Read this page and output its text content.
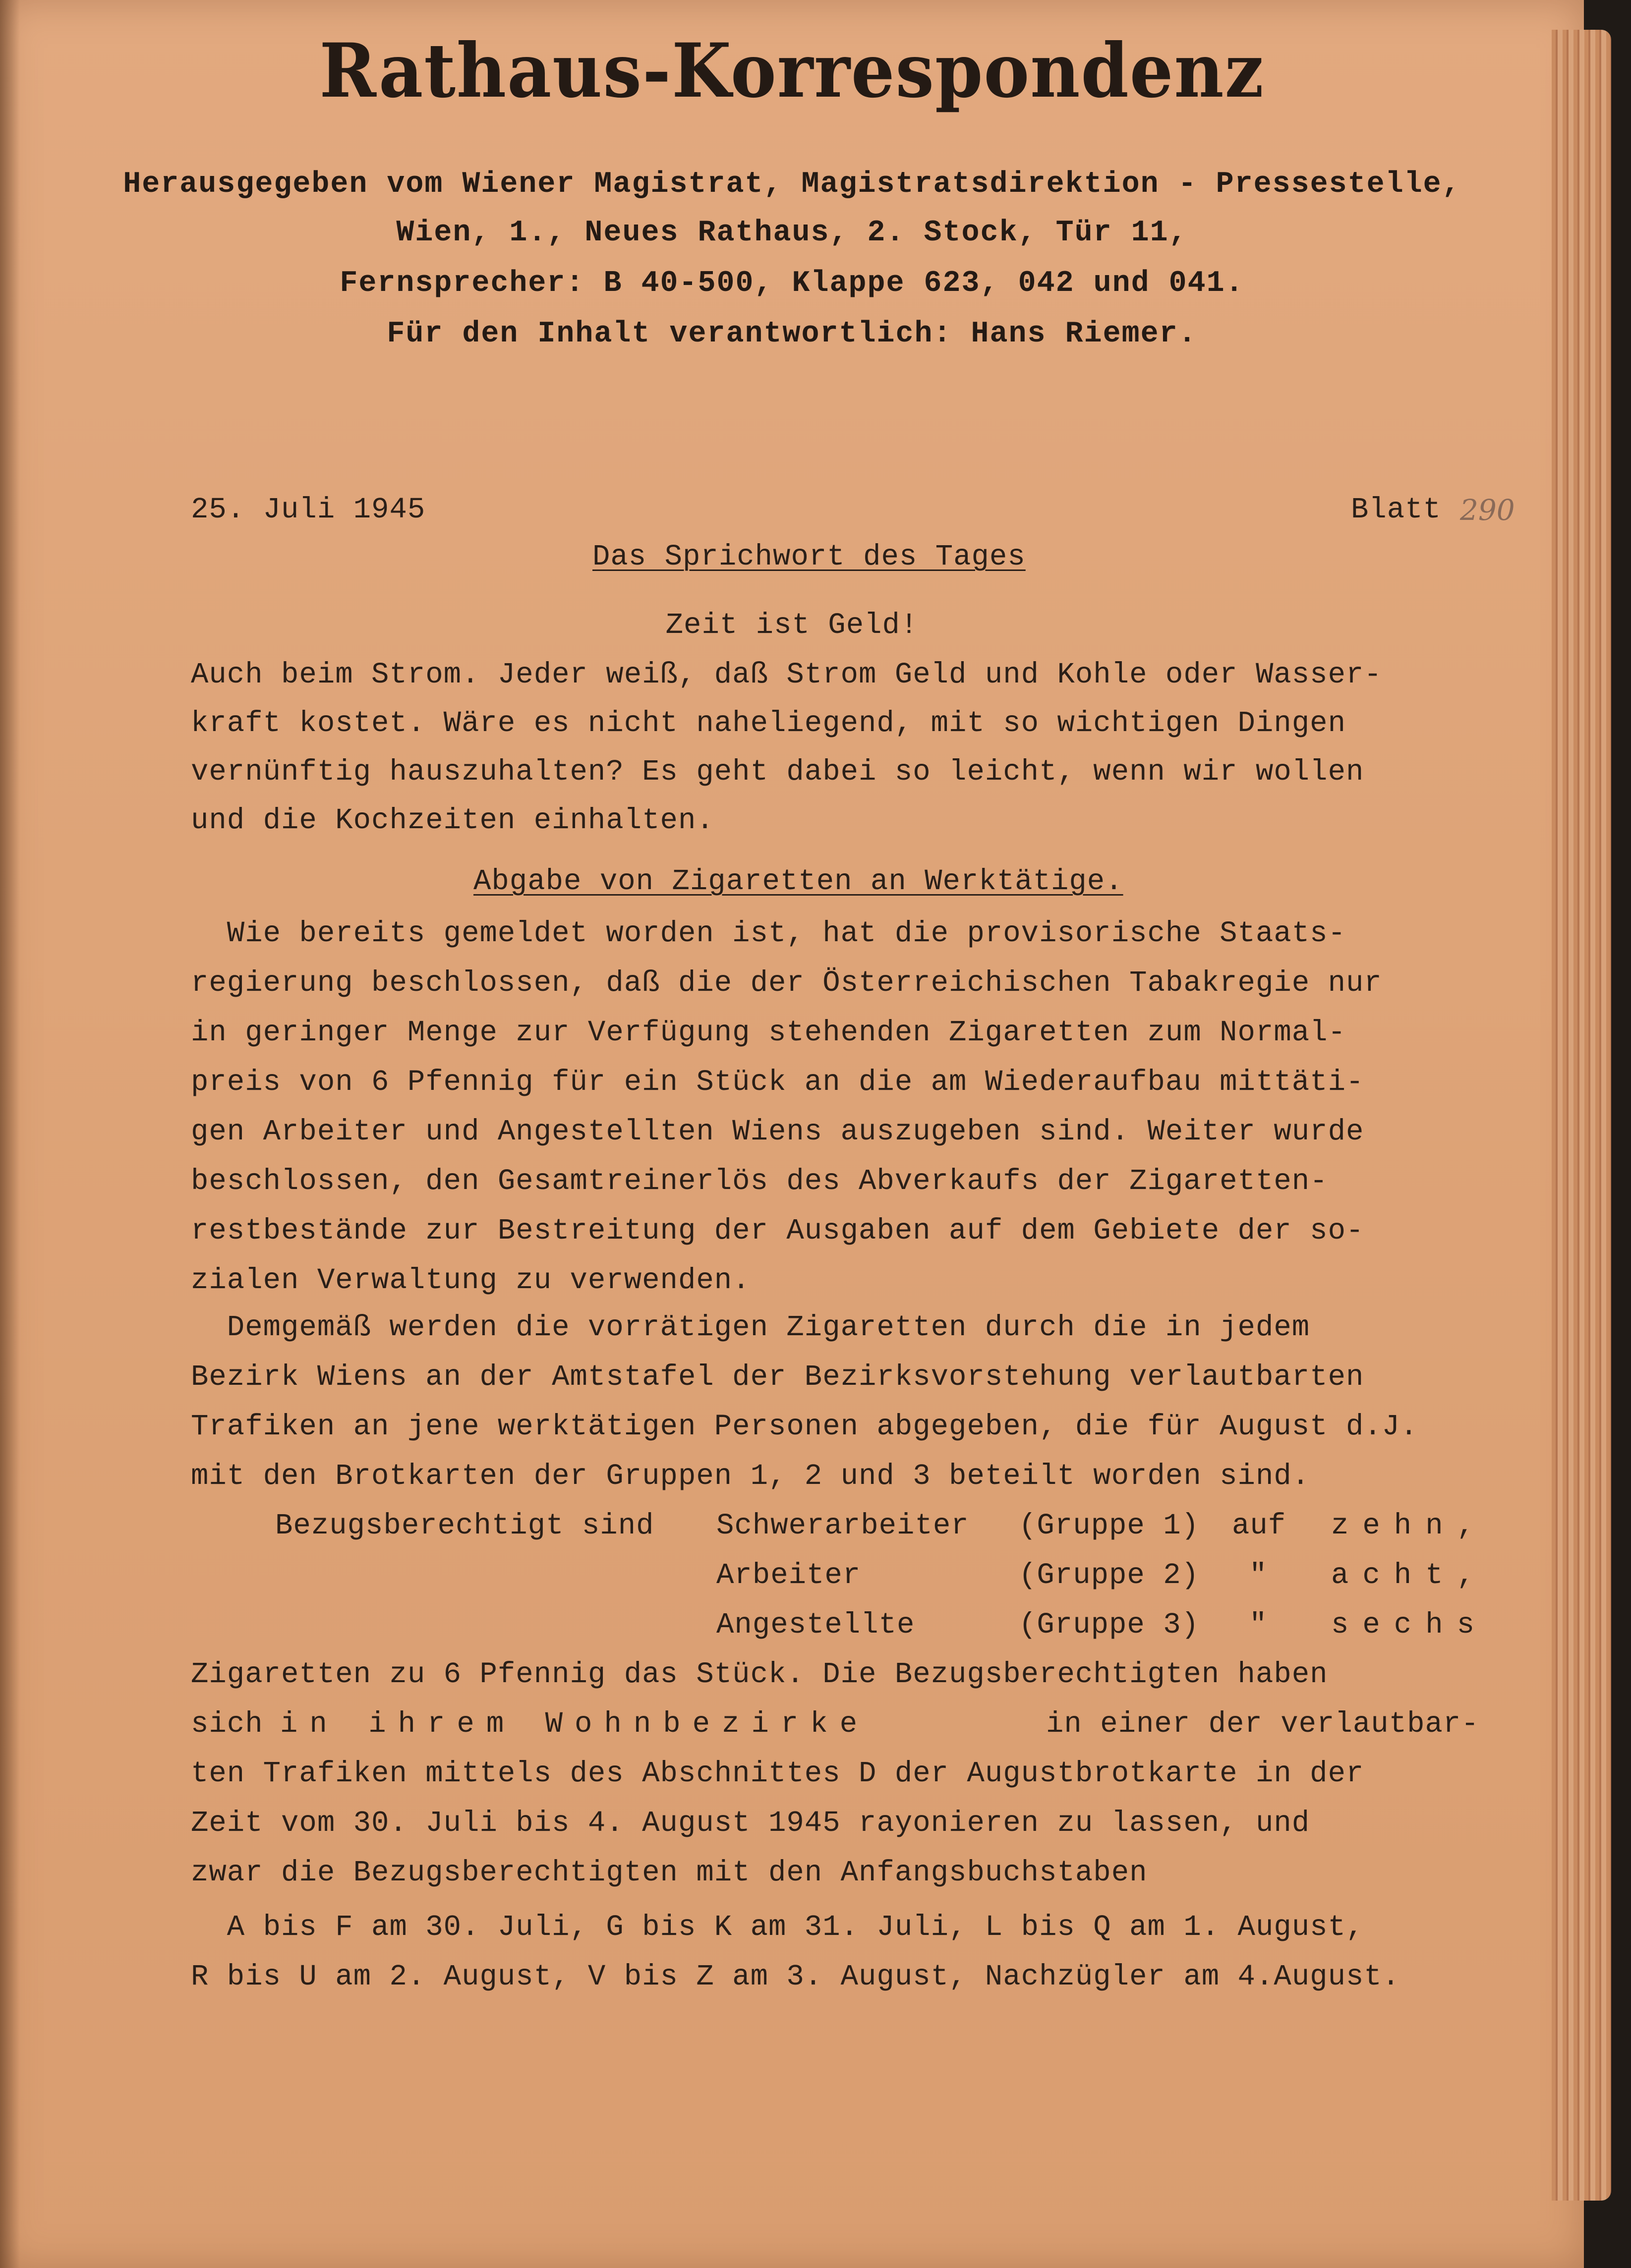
Rathaus-Korrespondenz
Herausgegeben vom Wiener Magistrat, Magistratsdirektion - Pressestelle,
Wien, 1., Neues Rathaus, 2. Stock, Tür 11,
Fernsprecher: B 40-500, Klappe 623, 042 und 041.
Für den Inhalt verantwortlich: Hans Riemer.
25. Juli 1945	Blatt 290
Das Sprichwort des Tages
Zeit ist Geld!
Auch beim Strom. Jeder weiß, daß Strom Geld und Kohle oder Wasser-
kraft kostet. Wäre es nicht naheliegend, mit so wichtigen Dingen
vernünftig hauszuhalten? Es geht dabei so leicht, wenn wir wollen
und die Kochzeiten einhalten.
Abgabe von Zigaretten an Werktätige.
Wie bereits gemeldet worden ist, hat die provisorische Staats-
regierung beschlossen, daß die der Österreichischen Tabakregie nur
in geringer Menge zur Verfügung stehenden Zigaretten zum Normal-
preis von 6 Pfennig für ein Stück an die am Wiederaufbau mittäti-
gen Arbeiter und Angestellten Wiens auszugeben sind. Weiter wurde
beschlossen, den Gesamtreinerlös des Abverkaufs der Zigaretten-
restbestände zur Bestreitung der Ausgaben auf dem Gebiete der so-
zialen Verwaltung zu verwenden.
Demgemäß werden die vorrätigen Zigaretten durch die in jedem
Bezirk Wiens an der Amtstafel der Bezirksvorstehung verlautbarten
Trafiken an jene werktätigen Personen abgegeben, die für August d.J.
mit den Brotkarten der Gruppen 1, 2 und 3 beteilt worden sind.
Bezugsberechtigt sind Schwerarbeiter (Gruppe 1) auf zehn,
Arbeiter	(Gruppe 2) " acht,
Angestellte	(Gruppe 3) " sechs
Zigaretten zu 6 Pfennig das Stück. Die Bezugsberechtigten haben
sich in ihrem Wohnbezirke	in einer der verlautbar-
ten Trafiken mittels des Abschnittes D der Augustbrotkarte in der
Zeit vom 30. Juli bis 4. August 1945 rayonieren zu lassen, und
zwar die Bezugsberechtigten mit den Anfangsbuchstaben
A bis F am 30. Juli, G bis K am 31. Juli, L bis Q am 1. August,
R bis U am 2. August, V bis Z am 3. August, Nachzügler am 4.August.
